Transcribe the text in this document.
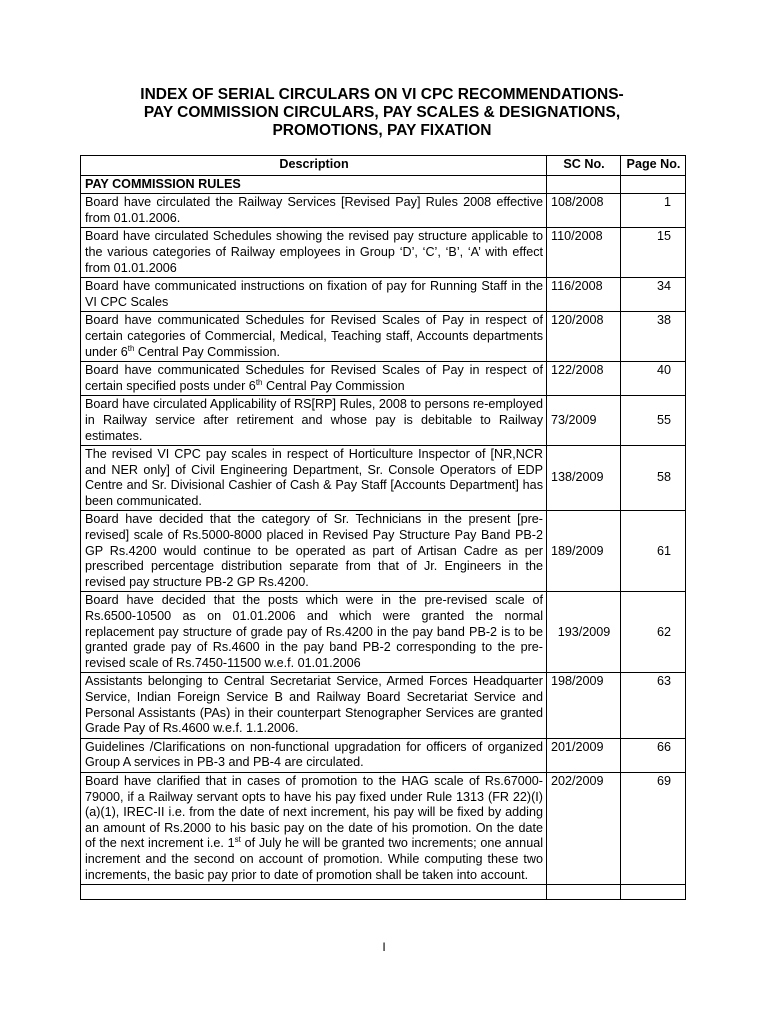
INDEX OF SERIAL CIRCULARS ON VI CPC RECOMMENDATIONS-
PAY COMMISSION CIRCULARS, PAY SCALES & DESIGNATIONS,
PROMOTIONS, PAY FIXATION
Description	SC No.	Page No.
PAY COMMISSION RULES		
Board have circulated the Railway Services [Revised Pay] Rules 2008 effective from 01.01.2006.	108/2008	1
Board have circulated Schedules showing the revised pay structure applicable to the various categories of Railway employees in Group ‘D’, ‘C’, ‘B’, ‘A’ with effect from 01.01.2006	110/2008	15
Board have communicated instructions on fixation of pay for Running Staff in the VI CPC Scales	116/2008	34
Board have communicated Schedules for Revised Scales of Pay in respect of certain categories of Commercial, Medical, Teaching staff, Accounts departments under 6th Central Pay Commission.	120/2008	38
Board have communicated Schedules for Revised Scales of Pay in respect of certain specified posts under 6th Central Pay Commission	122/2008	40
Board have circulated Applicability of RS[RP] Rules, 2008 to persons re-employed in Railway service after retirement and whose pay is debitable to Railway estimates.	73/2009	55
The revised VI CPC pay scales in respect of Horticulture Inspector of [NR,NCR and NER only] of Civil Engineering Department, Sr. Console Operators of EDP Centre and Sr. Divisional Cashier of Cash & Pay Staff [Accounts Department] has been communicated.	138/2009	58
Board have decided that the category of Sr. Technicians in the present [pre-revised] scale of Rs.5000-8000 placed in Revised Pay Structure Pay Band PB-2 GP Rs.4200 would continue to be operated as part of Artisan Cadre as per prescribed percentage distribution separate from that of Jr. Engineers in the revised pay structure PB-2 GP Rs.4200.	189/2009	61
Board have decided that the posts which were in the pre-revised scale of Rs.6500-10500 as on 01.01.2006 and which were granted the normal replacement pay structure of grade pay of Rs.4200 in the pay band PB-2 is to be granted grade pay of Rs.4600 in the pay band PB-2 corresponding to the pre-revised scale of Rs.7450-11500 w.e.f. 01.01.2006	193/2009	62
Assistants belonging to Central Secretariat Service, Armed Forces Headquarter Service, Indian Foreign Service B and Railway Board Secretariat Service and Personal Assistants (PAs) in their counterpart Stenographer Services are granted Grade Pay of Rs.4600 w.e.f. 1.1.2006.	198/2009	63
Guidelines /Clarifications on non-functional upgradation for officers of organized Group A services in PB-3 and PB-4 are circulated.	201/2009	66
Board have clarified that in cases of promotion to the HAG scale of Rs.67000-79000, if a Railway servant opts to have his pay fixed under Rule 1313 (FR 22)(I)(a)(1), IREC-II i.e. from the date of next increment, his pay will be fixed by adding an amount of Rs.2000 to his basic pay on the date of his promotion. On the date of the next increment i.e. 1st of July he will be granted two increments; one annual increment and the second on account of promotion. While computing these two increments, the basic pay prior to date of promotion shall be taken into account.	202/2009	69

I
